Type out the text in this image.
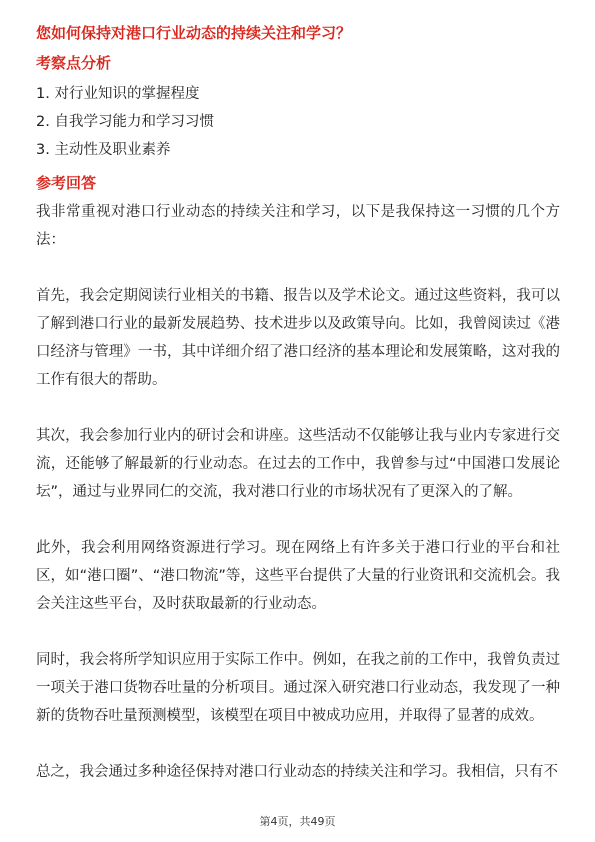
您如何保持对港口行业动态的持续关注和学习？
考察点分析
1. 对行业知识的掌握程度
2. 自我学习能力和学习习惯
3. 主动性及职业素养
参考回答

我非常重视对港口行业动态的持续关注和学习，以下是我保持这一习惯的几个方法：

首先，我会定期阅读行业相关的书籍、报告以及学术论文。通过这些资料，我可以了解到港口行业的最新发展趋势、技术进步以及政策导向。比如，我曾阅读过《港口经济与管理》一书，其中详细介绍了港口经济的基本理论和发展策略，这对我的工作有很大的帮助。

其次，我会参加行业内的研讨会和讲座。这些活动不仅能够让我与业内专家进行交流，还能够了解最新的行业动态。在过去的工作中，我曾参与过“中国港口发展论坛”，通过与业界同仁的交流，我对港口行业的市场状况有了更深入的了解。

此外，我会利用网络资源进行学习。现在网络上有许多关于港口行业的平台和社区，如“港口圈”、“港口物流”等，这些平台提供了大量的行业资讯和交流机会。我会关注这些平台，及时获取最新的行业动态。

同时，我会将所学知识应用于实际工作中。例如，在我之前的工作中，我曾负责过一项关于港口货物吞吐量的分析项目。通过深入研究港口行业动态，我发现了一种新的货物吞吐量预测模型，该模型在项目中被成功应用，并取得了显著的成效。

总之，我会通过多种途径保持对港口行业动态的持续关注和学习。我相信，只有不

第4页，共49页
